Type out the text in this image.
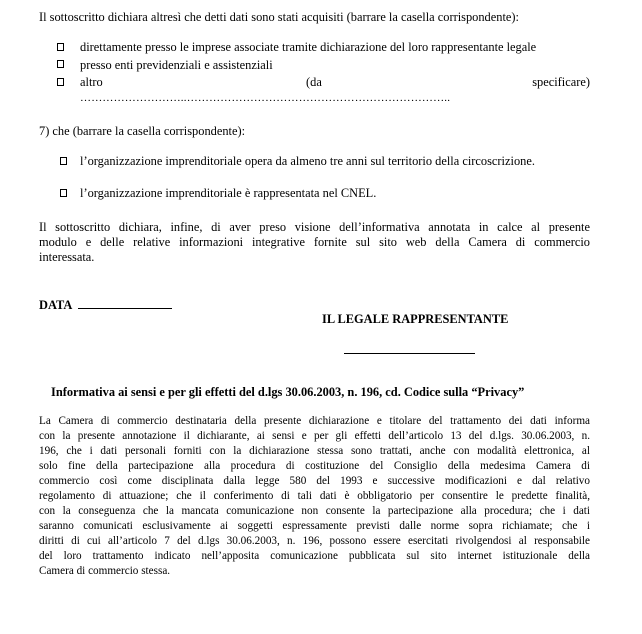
Il sottoscritto dichiara altresì che detti dati sono stati acquisiti (barrare la casella corrispondente):
direttamente presso le imprese associate tramite dichiarazione del loro rappresentante legale
presso enti previdenziali e assistenziali
altro	(da	specificare)
………………………..……………………………………………………………..
7) che (barrare la casella corrispondente):
l’organizzazione imprenditoriale opera da almeno tre anni sul territorio della circoscrizione.
l’organizzazione imprenditoriale è rappresentata nel CNEL.
Il sottoscritto dichiara, infine, di aver preso visione dell’informativa annotata in calce al presente
modulo e delle relative informazioni integrative fornite sul sito web della Camera di commercio
interessata.
DATA
IL LEGALE RAPPRESENTANTE
Informativa ai sensi e per gli effetti del d.lgs 30.06.2003, n. 196, cd. Codice sulla “Privacy”
La Camera di commercio destinataria della presente dichiarazione e titolare del trattamento dei dati informa
con la presente annotazione il dichiarante, ai sensi e per gli effetti dell’articolo 13 del d.lgs. 30.06.2003, n.
196, che i dati personali forniti con la dichiarazione stessa sono trattati, anche con modalità elettronica, al
solo fine della partecipazione alla procedura di costituzione del Consiglio della medesima Camera di
commercio così come disciplinata dalla legge 580 del 1993 e successive modificazioni e dal relativo
regolamento di attuazione; che il conferimento di tali dati è obbligatorio per consentire le predette finalità,
con la conseguenza che la mancata comunicazione non consente la partecipazione alla procedura; che i dati
saranno comunicati esclusivamente ai soggetti espressamente previsti dalle norme sopra richiamate; che i
diritti di cui all’articolo 7 del d.lgs 30.06.2003, n. 196, possono essere esercitati rivolgendosi al responsabile
del loro trattamento indicato nell’apposita comunicazione pubblicata sul sito internet istituzionale della
Camera di commercio stessa.
